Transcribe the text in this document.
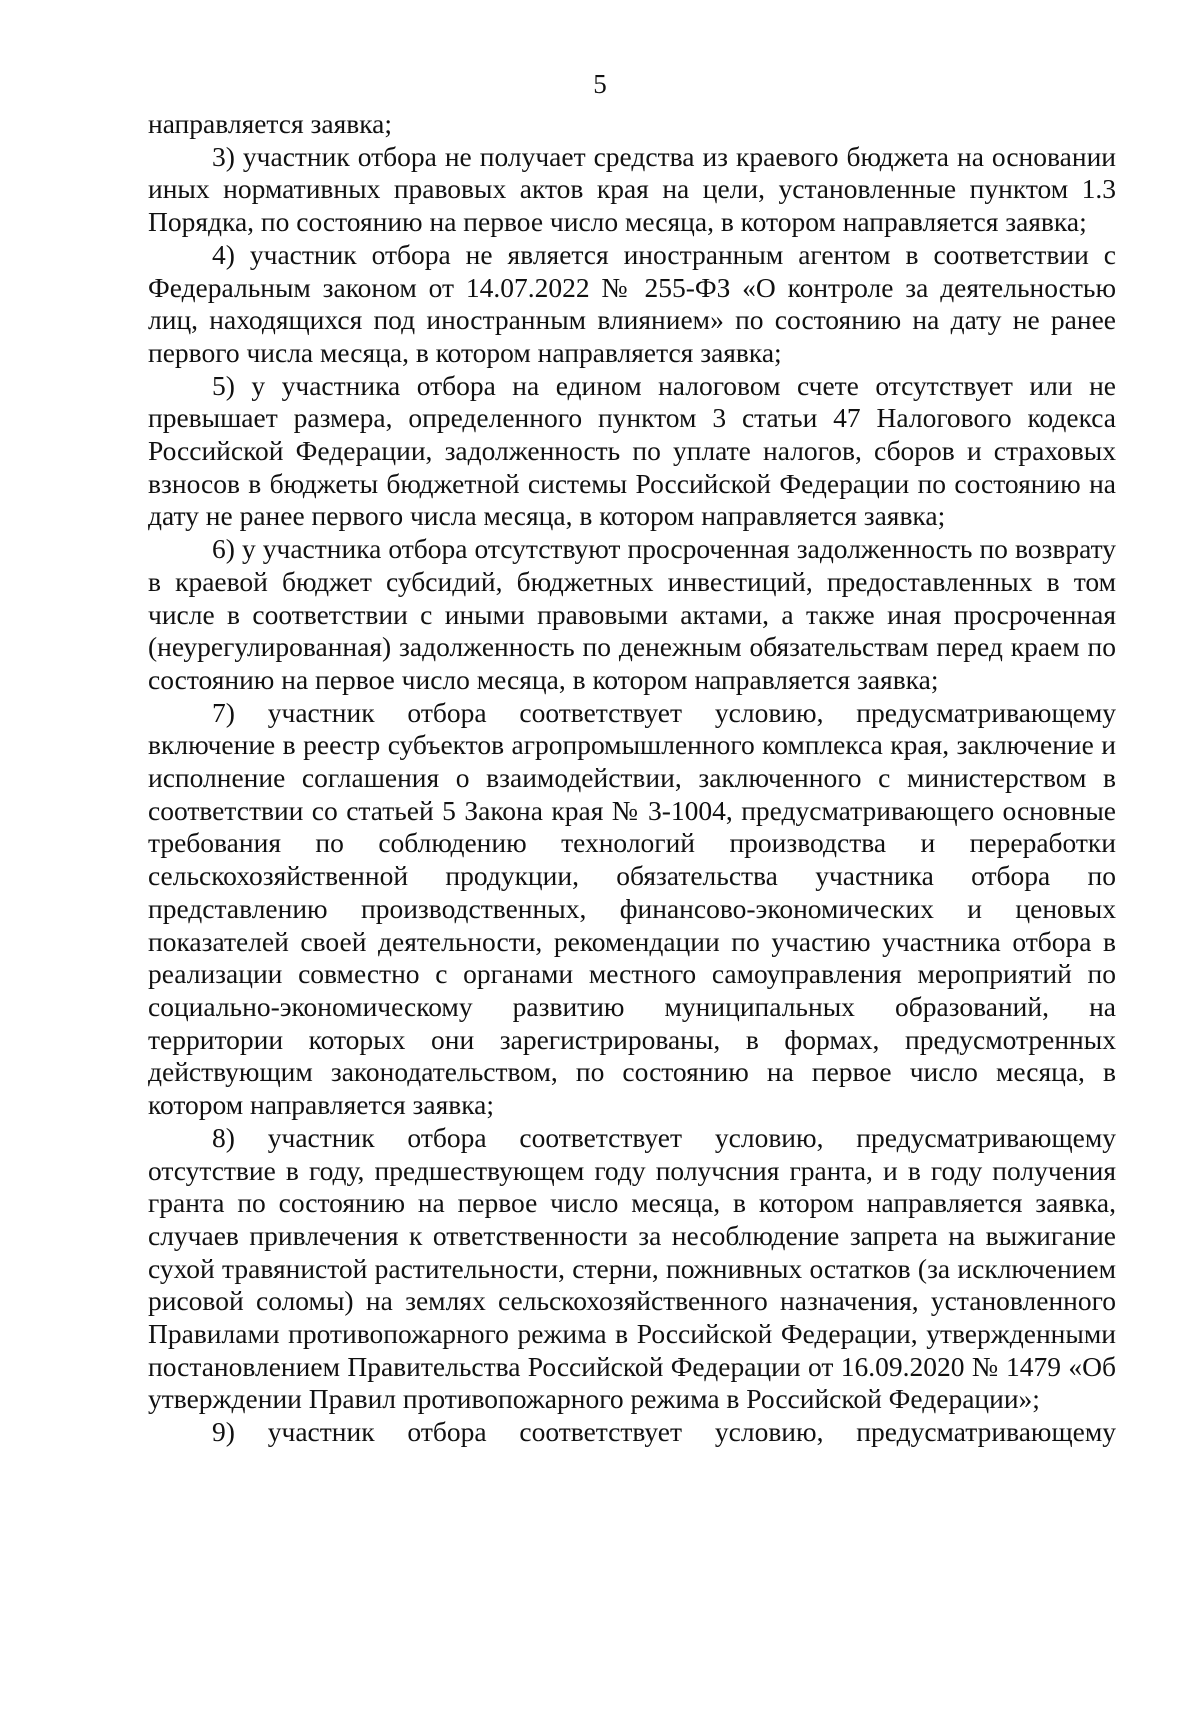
5

направляется заявка;

3) участник отбора не получает средства из краевого бюджета на основании иных нормативных правовых актов края на цели, установленные пунктом 1.3 Порядка, по состоянию на первое число месяца, в котором направляется заявка;

4) участник отбора не является иностранным агентом в соответствии с Федеральным законом от 14.07.2022 № 255-ФЗ «О контроле за деятельностью лиц, находящихся под иностранным влиянием» по состоянию на дату не ранее первого числа месяца, в котором направляется заявка;

5) у участника отбора на едином налоговом счете отсутствует или не превышает размера, определенного пунктом 3 статьи 47 Налогового кодекса Российской Федерации, задолженность по уплате налогов, сборов и страховых взносов в бюджеты бюджетной системы Российской Федерации по состоянию на дату не ранее первого числа месяца, в котором направляется заявка;

6) у участника отбора отсутствуют просроченная задолженность по возврату в краевой бюджет субсидий, бюджетных инвестиций, предоставленных в том числе в соответствии с иными правовыми актами, а также иная просроченная (неурегулированная) задолженность по денежным обязательствам перед краем по состоянию на первое число месяца, в котором направляется заявка;

7) участник отбора соответствует условию, предусматривающему включение в реестр субъектов агропромышленного комплекса края, заключение и исполнение соглашения о взаимодействии, заключенного с министерством в соответствии со статьей 5 Закона края № 3-1004, предусматривающего основные требования по соблюдению технологий производства и переработки сельскохозяйственной продукции, обязательства участника отбора по представлению производственных, финансово-экономических и ценовых показателей своей деятельности, рекомендации по участию участника отбора в реализации совместно с органами местного самоуправления мероприятий по социально-экономическому развитию муниципальных образований, на территории которых они зарегистрированы, в формах, предусмотренных действующим законодательством, по состоянию на первое число месяца, в котором направляется заявка;

8) участник отбора соответствует условию, предусматривающему отсутствие в году, предшествующем году получсния гранта, и в году получения гранта по состоянию на первое число месяца, в котором направляется заявка, случаев привлечения к ответственности за несоблюдение запрета на выжигание сухой травянистой растительности, стерни, пожнивных остатков (за исключением рисовой соломы) на землях сельскохозяйственного назначения, установленного Правилами противопожарного режима в Российской Федерации, утвержденными постановлением Правительства Российской Федерации от 16.09.2020 № 1479 «Об утверждении Правил противопожарного режима в Российской Федерации»;

9) участник отбора соответствует условию, предусматривающему
